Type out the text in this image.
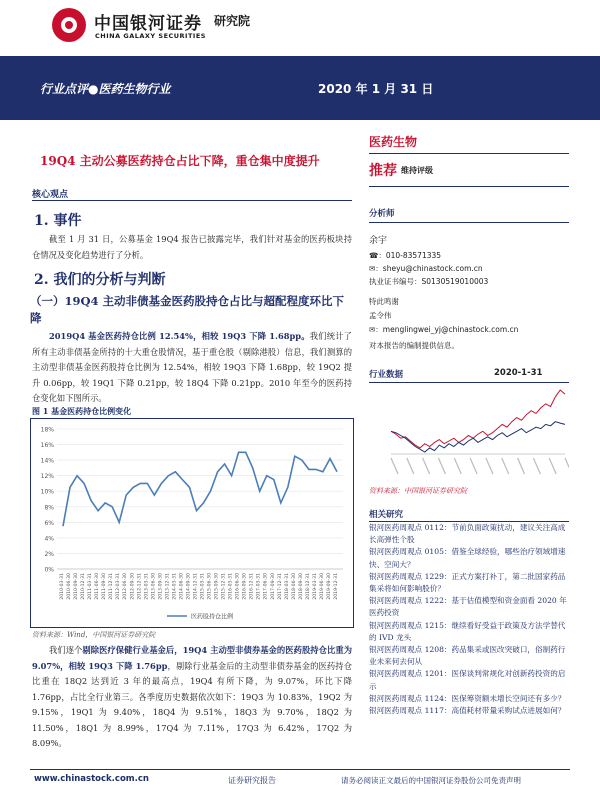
中国银河证券
CHINA GALAXY SECURITIES
研究院
行业点评●医药生物行业	2020 年 1 月 31 日
19Q4 主动公募医药持仓占比下降，重仓集中度提升
核心观点
1. 事件
截至 1 月 31 日，公募基金 19Q4 报告已披露完毕，我们针对基金的医药板块持仓情况及变化趋势进行了分析。
2. 我们的分析与判断
（一）19Q4 主动非债基金医药股持仓占比与超配程度环比下降
2019Q4 基金医药持仓比例 12.54%，相较 19Q3 下降 1.68pp。我们统计了所有主动非债基金所持的十大重仓股情况，基于重仓股（剔除港股）信息，我们测算的主动型非债基金医药股持仓比例为 12.54%，相较 19Q3 下降 1.68pp，较 19Q2 提升 0.06pp，较 19Q1 下降 0.21pp，较 18Q4 下降 0.21pp。2010 年至今的医药持仓变化如下图所示。
图 1 基金医药持仓比例变化
0%
2%
4%
6%
8%
10%
12%
14%
16%
18%
2010-03-31 2010-06-30 2010-09-30 2010-12-31 2011-03-31 2011-06-30 2011-09-30 2011-12-31 2012-03-31 2012-06-30 2012-09-30 2012-12-31 2013-03-31 2013-06-30 2013-09-30 2013-12-31 2014-03-31 2014-06-30 2014-09-30 2014-12-31 2015-03-31 2015-06-30 2015-09-30 2015-12-31 2016-03-31 2016-06-30 2016-09-30 2016-12-31 2017-03-31 2017-06-30 2017-09-30 2017-12-31 2018-03-31 2018-06-30 2018-09-30 2018-12-31 2019-03-31 2019-06-30 2019-09-30 2019-12-31
医药股持仓比例
资料来源：Wind，中国银河证券研究院
我们逐个剔除医疗保健行业基金后，19Q4 主动型非债券基金的医药股持仓比重为 9.07%，相较 19Q3 下降 1.76pp，剔除行业基金后的主动型非债券基金的医药持仓比重在 18Q2 达到近 3 年的最高点，19Q4 有所下降，为 9.07%，环比下降 1.76pp，占比全行业第三。各季度历史数据依次如下：19Q3 为 10.83%，19Q2 为 9.15%，19Q1 为 9.40%，18Q4 为 9.51%，18Q3 为 9.70%，18Q2 为 11.50%，18Q1 为 8.99%，17Q4 为 7.11%，17Q3 为 6.42%，17Q2 为 8.09%。
医药生物
推荐 维持评级
分析师
余宇
☎：010-83571335
✉：sheyu@chinastock.com.cn
执业证书编号：S0130519010003
特此鸣谢
孟令伟
✉：menglingwei_yj@chinastock.com.cn
对本报告的编制提供信息。
行业数据	2020-1-31
资料来源：中国银河证券研究院
相关研究
银河医药周观点 0112：节前负面政策扰动，建议关注高成长高弹性个股
银河医药周观点 0105：借鉴全球经验，哪些治疗领域增速快、空间大？
银河医药周观点 1229：正式方案打补丁，第二批国家药品集采将如何影响股价？
银河医药周观点 1222：基于估值模型和资金面看 2020 年医药投资
银河医药周观点 1215：继续看好受益于政策及方法学替代的 IVD 龙头
银河医药周观点 1208：药品集采或医改突破口，俗制药行业未来何去何从
银河医药周观点 1201：医保谈判常规化对创新药投资的启示
银河医药周观点 1124：医保筹资额未增长空间还有多少？
银河医药周观点 1117：高值耗材带量采购试点进展如何？
www.chinastock.com.cn	证券研究报告	请务必阅读正文最后的中国银河证券股份公司免责声明
